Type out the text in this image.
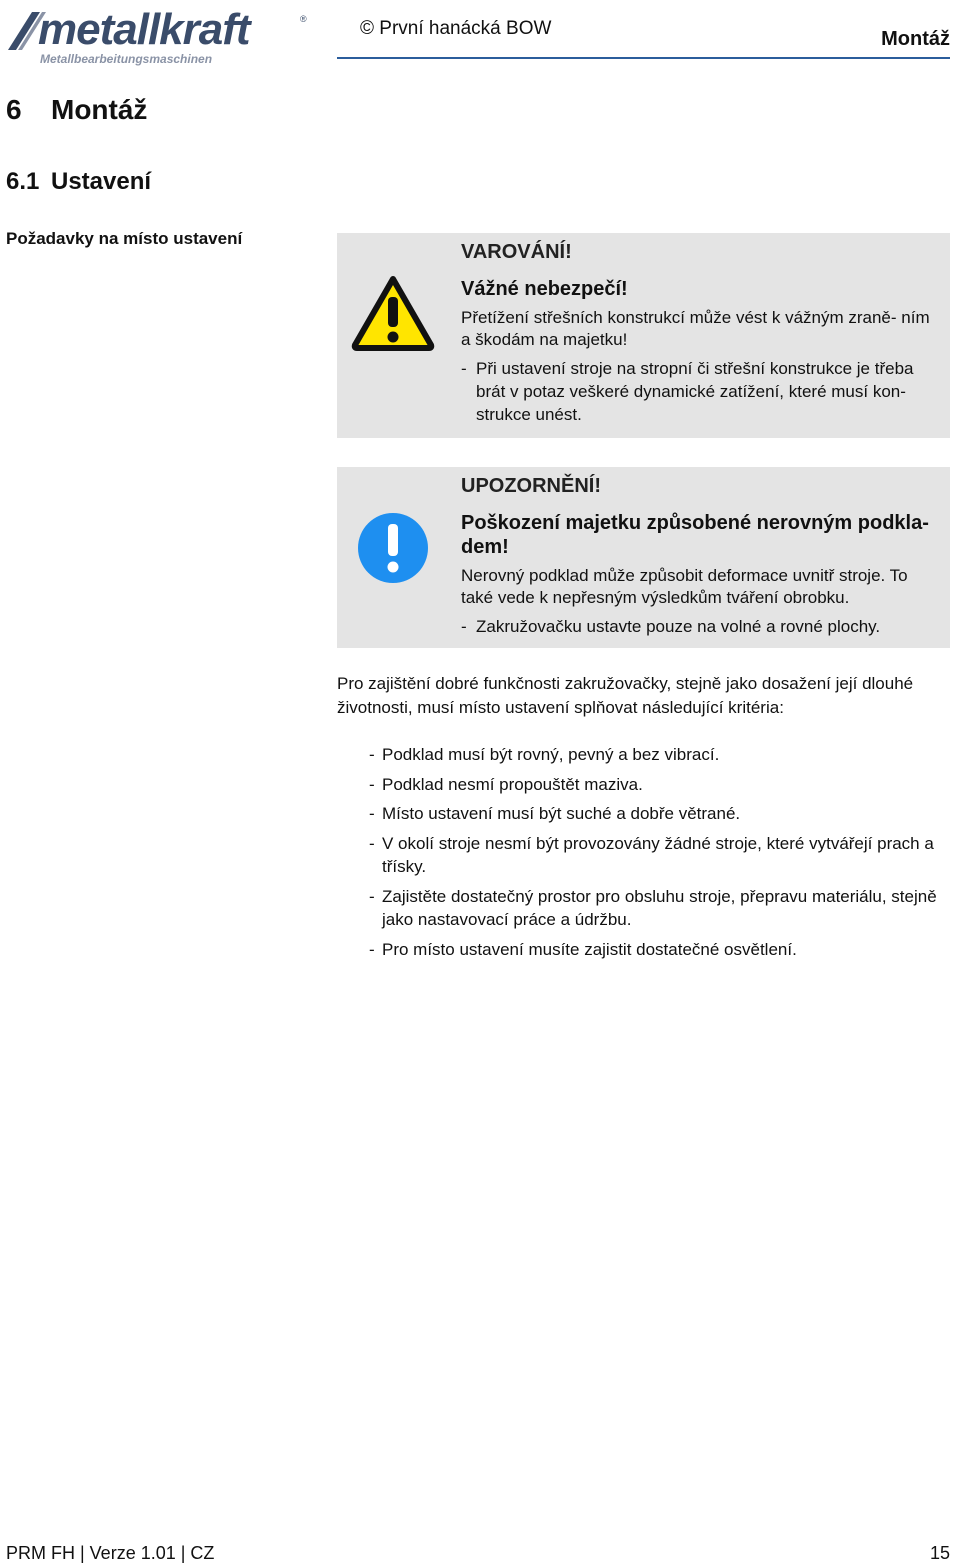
metallkraft	®
Metallbearbeitungsmaschinen
© První hanácká BOW	Montáž
6 Montáž
6.1 Ustavení
Požadavky na místo ustavení
VAROVÁNÍ!
Vážné nebezpečí!
Přetížení střešních konstrukcí může vést k vážným zraně- ním a škodám na majetku!
- Při ustavení stroje na stropní či střešní konstrukce je třeba brát v potaz veškeré dynamické zatížení, které musí kon- strukce unést.
UPOZORNĚNÍ!
Poškození majetku způsobené nerovným podkla- dem!
Nerovný podklad může způsobit deformace uvnitř stroje. To také vede k nepřesným výsledkům tváření obrobku.
- Zakružovačku ustavte pouze na volné a rovné plochy.
Pro zajištění dobré funkčnosti zakružovačky, stejně jako dosažení její dlouhé životnosti, musí místo ustavení splňovat následující kritéria:
- Podklad musí být rovný, pevný a bez vibrací.
- Podklad nesmí propouštět maziva.
- Místo ustavení musí být suché a dobře větrané.
- V okolí stroje nesmí být provozovány žádné stroje, které vytvářejí prach a třísky.
- Zajistěte dostatečný prostor pro obsluhu stroje, přepravu materiálu, stejně jako nastavovací práce a údržbu.
- Pro místo ustavení musíte zajistit dostatečné osvětlení.
PRM FH | Verze 1.01 | CZ	15
